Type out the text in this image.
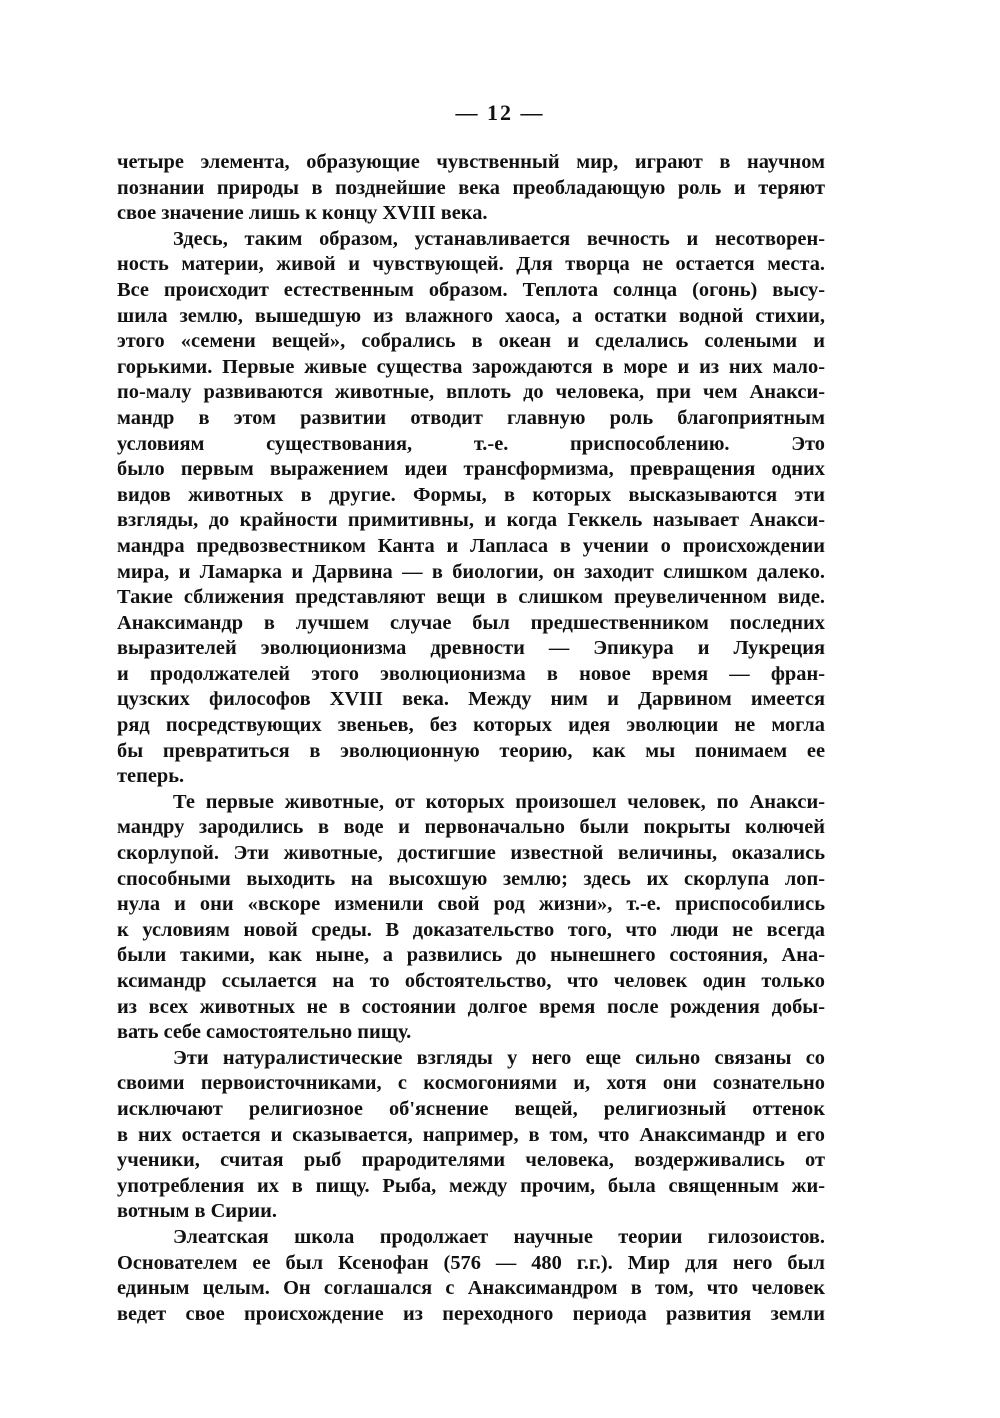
— 12 —
четыре элемента, образующие чувственный мир, играют в научном
познании природы в позднейшие века преобладающую роль и теряют
свое значение лишь к концу XVIII века.
Здесь, таким образом, устанавливается вечность и несотворен-
ность материи, живой и чувствующей. Для творца не остается места.
Все происходит естественным образом. Теплота солнца (огонь) высу-
шила землю, вышедшую из влажного хаоса, а остатки водной стихии,
этого «семени вещей», собрались в океан и сделались солеными и
горькими. Первые живые существа зарождаются в море и из них мало-
по-малу развиваются животные, вплоть до человека, при чем Анакси-
мандр в этом развитии отводит главную роль благоприятным
условиям существования, т.-е. приспособлению. Это
было первым выражением идеи трансформизма, превращения одних
видов животных в другие. Формы, в которых высказываются эти
взгляды, до крайности примитивны, и когда Геккель называет Анакси-
мандра предвозвестником Канта и Лапласа в учении о происхождении
мира, и Ламарка и Дарвина — в биологии, он заходит слишком далеко.
Такие сближения представляют вещи в слишком преувеличенном виде.
Анаксимандр в лучшем случае был предшественником последних
выразителей эволюционизма древности — Эпикура и Лукреция
и продолжателей этого эволюционизма в новое время — фран-
цузских философов XVIII века. Между ним и Дарвином имеется
ряд посредствующих звеньев, без которых идея эволюции не могла
бы превратиться в эволюционную теорию, как мы понимаем ее
теперь.
Те первые животные, от которых произошел человек, по Анакси-
мандру зародились в воде и первоначально были покрыты колючей
скорлупой. Эти животные, достигшие известной величины, оказались
способными выходить на высохшую землю; здесь их скорлупа лоп-
нула и они «вскоре изменили свой род жизни», т.-е. приспособились
к условиям новой среды. В доказательство того, что люди не всегда
были такими, как ныне, а развились до нынешнего состояния, Ана-
ксимандр ссылается на то обстоятельство, что человек один только
из всех животных не в состоянии долгое время после рождения добы-
вать себе самостоятельно пищу.
Эти натуралистические взгляды у него еще сильно связаны со
своими первоисточниками, с космогониями и, хотя они сознательно
исключают религиозное об'яснение вещей, религиозный оттенок
в них остается и сказывается, например, в том, что Анаксимандр и его
ученики, считая рыб прародителями человека, воздерживались от
употребления их в пищу. Рыба, между прочим, была священным жи-
вотным в Сирии.
Элеатская школа продолжает научные теории гилозоистов.
Основателем ее был Ксенофан (576 — 480 г.г.). Мир для него был
единым целым. Он соглашался с Анаксимандром в том, что человек
ведет свое происхождение из переходного периода развития земли
